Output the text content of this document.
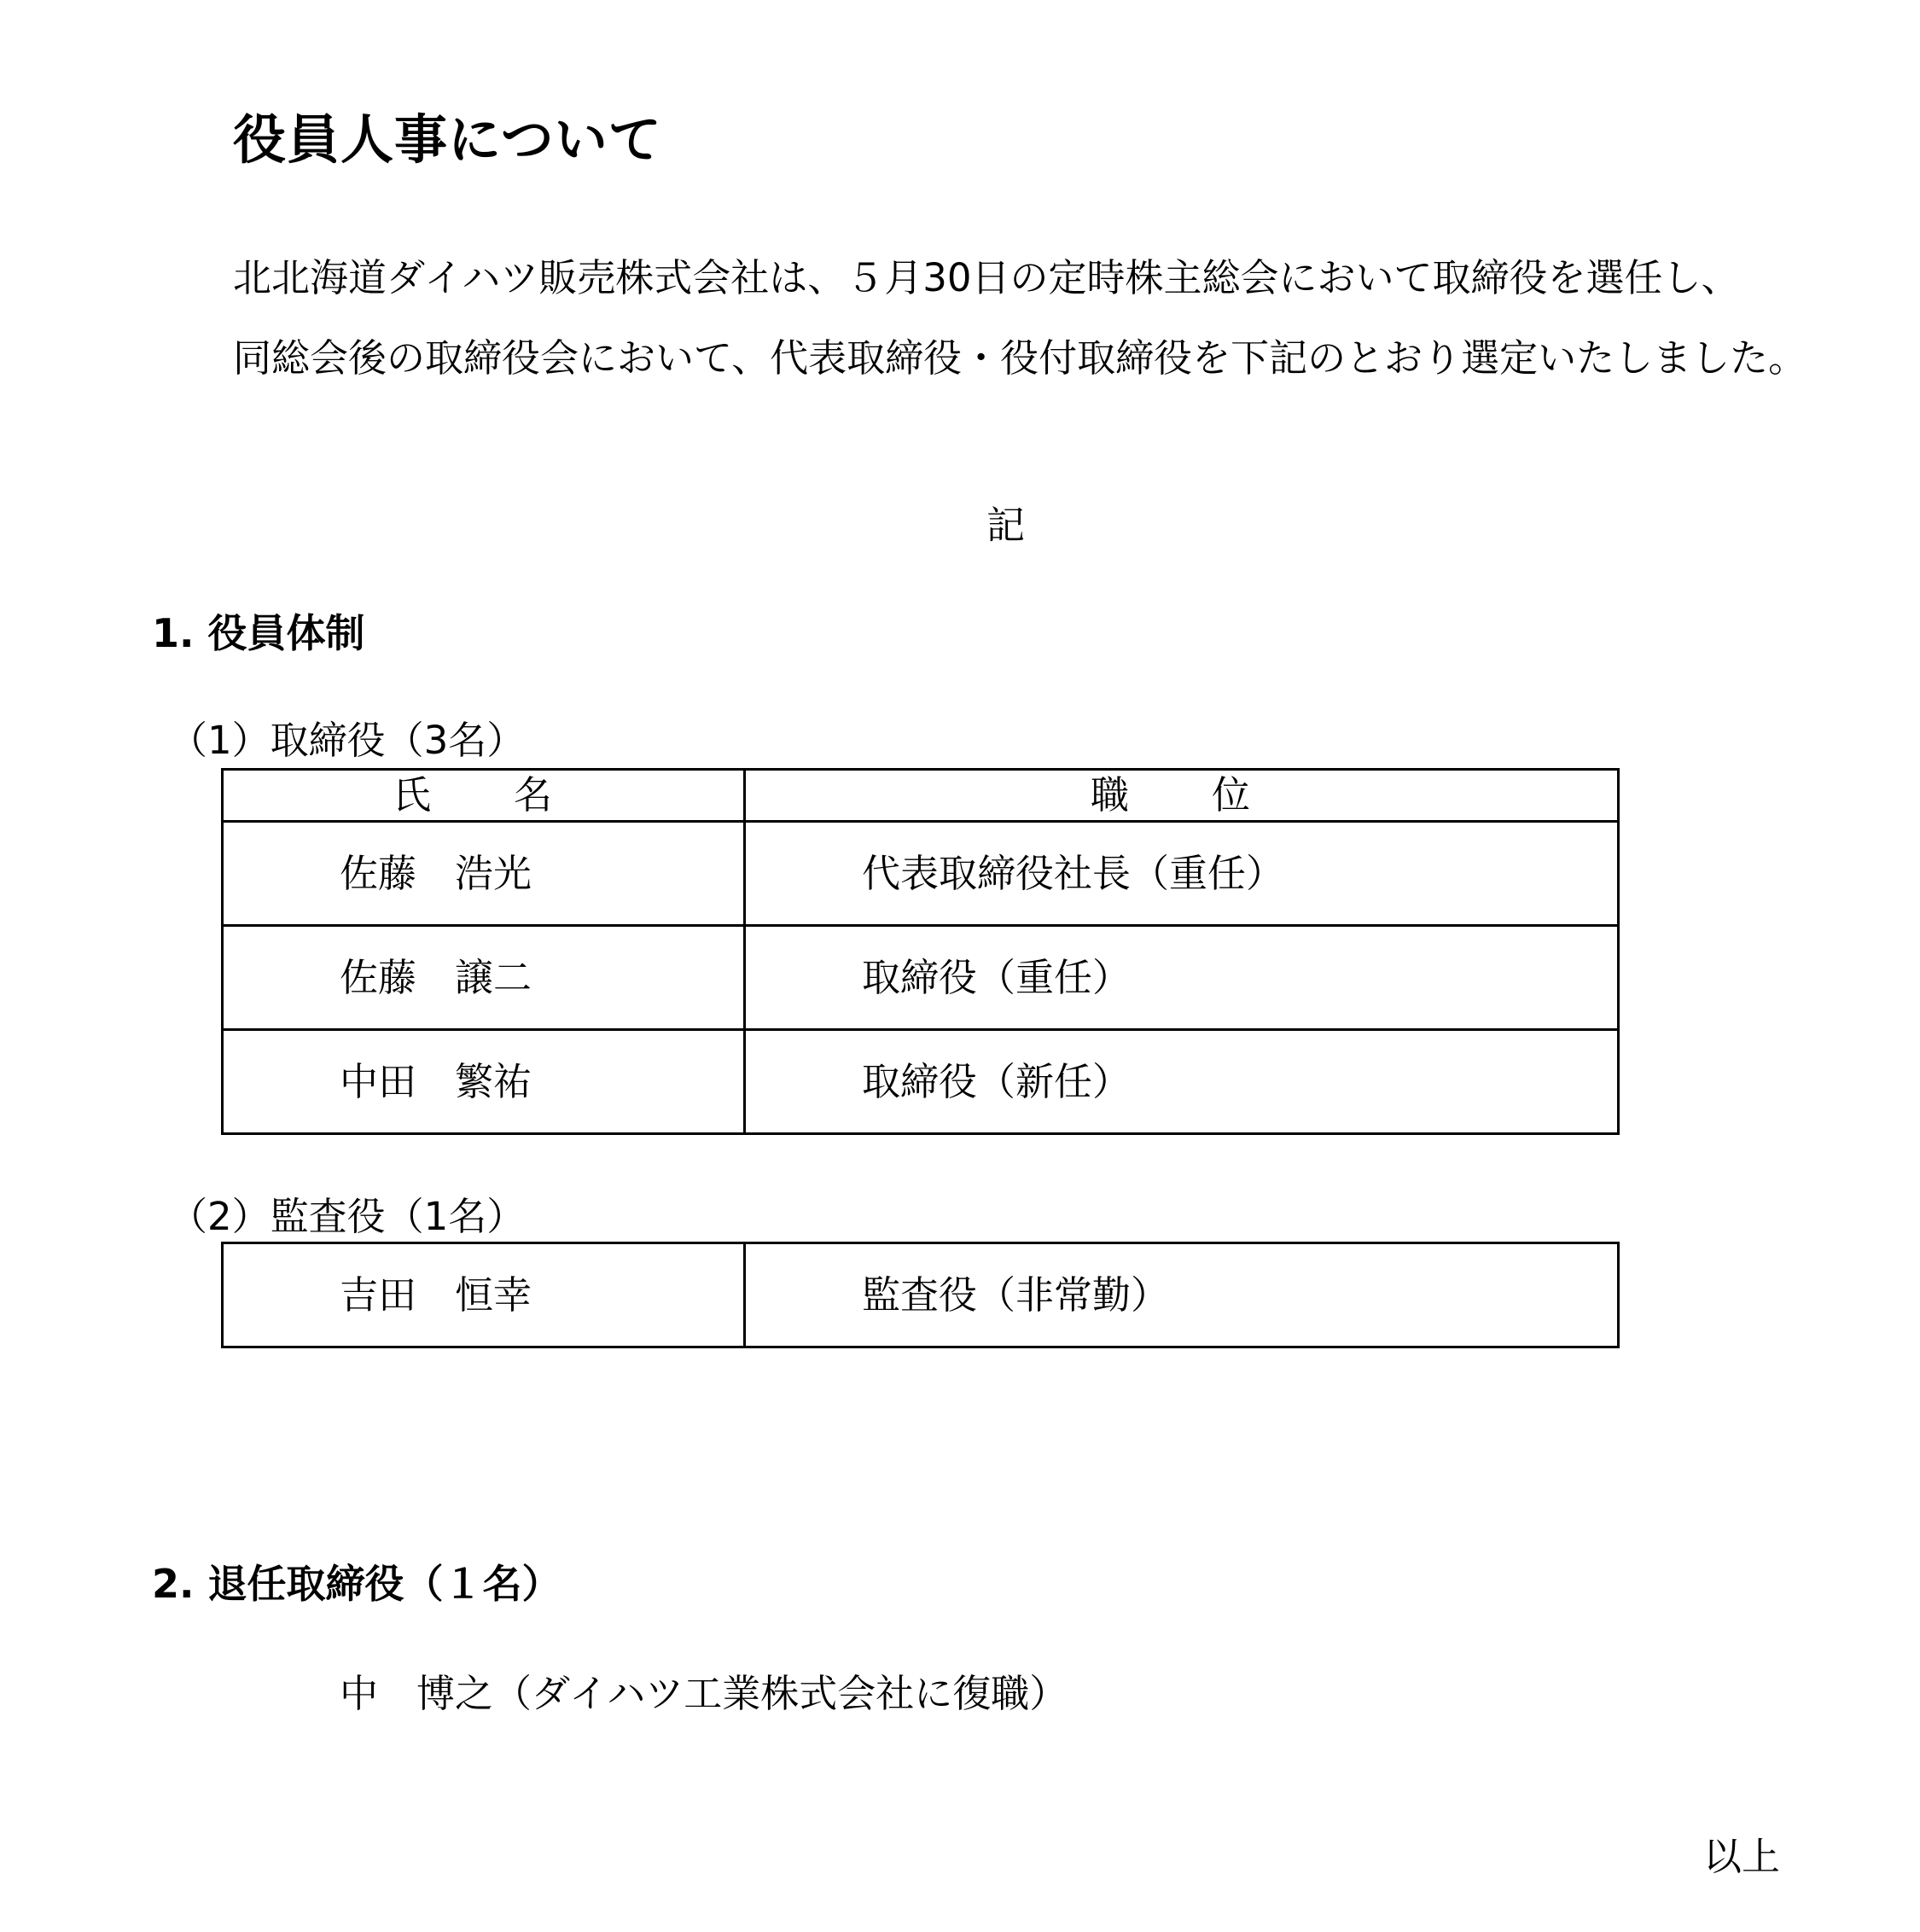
役員人事について
北北海道ダイハツ販売株式会社は、５月30日の定時株主総会において取締役を選任し、
同総会後の取締役会において、代表取締役・役付取締役を下記のとおり選定いたしました。
記
1. 役員体制
（1）取締役（3名）
氏　名	職　位
佐藤　浩光	代表取締役社長（重任）
佐藤　譲二	取締役（重任）
中田　繁祐	取締役（新任）
（2）監査役（1名）
吉田　恒幸	監査役（非常勤）
2. 退任取締役（１名）
中　博之（ダイハツ工業株式会社に復職）
以上
